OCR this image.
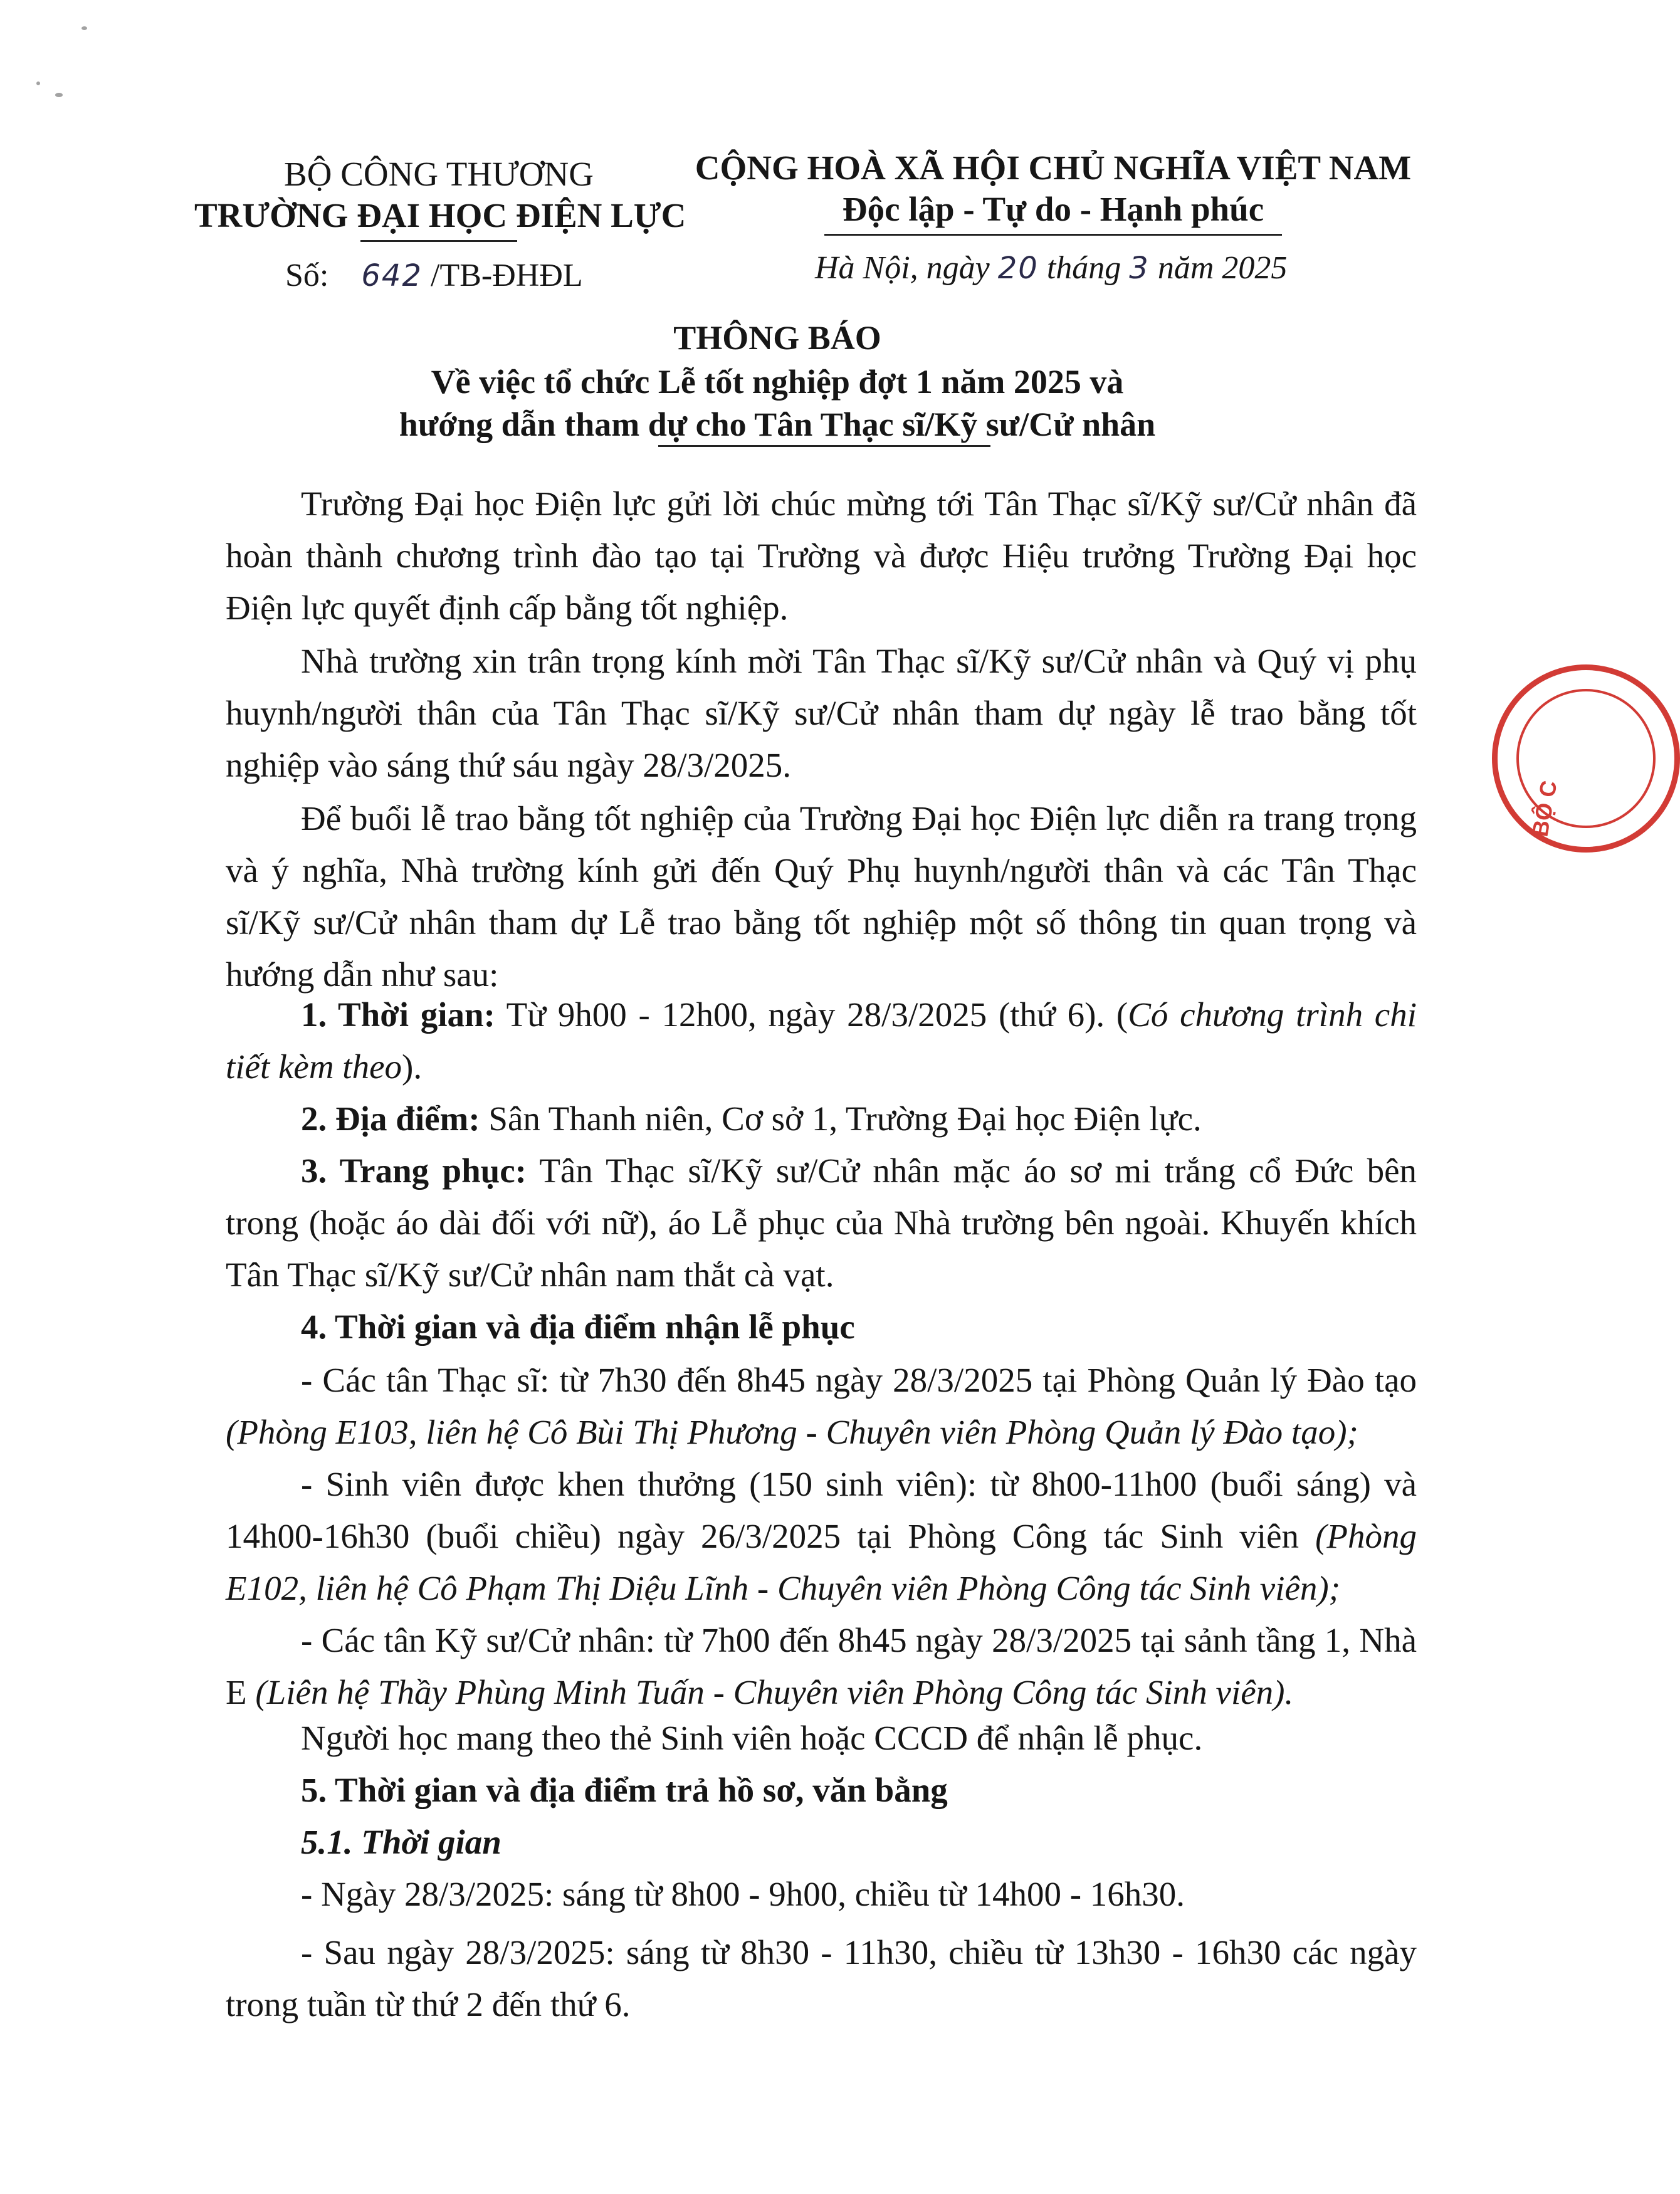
BỘ C
BỘ CÔNG THƯƠNG
TRƯỜNG ĐẠI HỌC ĐIỆN LỰC
CỘNG HOÀ XÃ HỘI CHỦ NGHĨA VIỆT NAM
Độc lập - Tự do - Hạnh phúc
Số: 642 /TB-ĐHĐL	Hà Nội, ngày 20 tháng 3 năm 2025
THÔNG BÁO
Về việc tổ chức Lễ tốt nghiệp đợt 1 năm 2025 và
hướng dẫn tham dự cho Tân Thạc sĩ/Kỹ sư/Cử nhân
Trường Đại học Điện lực gửi lời chúc mừng tới Tân Thạc sĩ/Kỹ sư/Cử nhân đã hoàn thành chương trình đào tạo tại Trường và được Hiệu trưởng Trường Đại học Điện lực quyết định cấp bằng tốt nghiệp.
Nhà trường xin trân trọng kính mời Tân Thạc sĩ/Kỹ sư/Cử nhân và Quý vị phụ huynh/người thân của Tân Thạc sĩ/Kỹ sư/Cử nhân tham dự ngày lễ trao bằng tốt nghiệp vào sáng thứ sáu ngày 28/3/2025.
Để buổi lễ trao bằng tốt nghiệp của Trường Đại học Điện lực diễn ra trang trọng và ý nghĩa, Nhà trường kính gửi đến Quý Phụ huynh/người thân và các Tân Thạc sĩ/Kỹ sư/Cử nhân tham dự Lễ trao bằng tốt nghiệp một số thông tin quan trọng và hướng dẫn như sau:
1. Thời gian: Từ 9h00 - 12h00, ngày 28/3/2025 (thứ 6). (Có chương trình chi tiết kèm theo).
2. Địa điểm: Sân Thanh niên, Cơ sở 1, Trường Đại học Điện lực.
3. Trang phục: Tân Thạc sĩ/Kỹ sư/Cử nhân mặc áo sơ mi trắng cổ Đức bên trong (hoặc áo dài đối với nữ), áo Lễ phục của Nhà trường bên ngoài. Khuyến khích Tân Thạc sĩ/Kỹ sư/Cử nhân nam thắt cà vạt.
4. Thời gian và địa điểm nhận lễ phục
- Các tân Thạc sĩ: từ 7h30 đến 8h45 ngày 28/3/2025 tại Phòng Quản lý Đào tạo (Phòng E103, liên hệ Cô Bùi Thị Phương - Chuyên viên Phòng Quản lý Đào tạo);
- Sinh viên được khen thưởng (150 sinh viên): từ 8h00-11h00 (buổi sáng) và 14h00-16h30 (buổi chiều) ngày 26/3/2025 tại Phòng Công tác Sinh viên (Phòng E102, liên hệ Cô Phạm Thị Diệu Lĩnh - Chuyên viên Phòng Công tác Sinh viên);
- Các tân Kỹ sư/Cử nhân: từ 7h00 đến 8h45 ngày 28/3/2025 tại sảnh tầng 1, Nhà E (Liên hệ Thầy Phùng Minh Tuấn - Chuyên viên Phòng Công tác Sinh viên).
Người học mang theo thẻ Sinh viên hoặc CCCD để nhận lễ phục.
5. Thời gian và địa điểm trả hồ sơ, văn bằng
5.1. Thời gian
- Ngày 28/3/2025: sáng từ 8h00 - 9h00, chiều từ 14h00 - 16h30.
- Sau ngày 28/3/2025: sáng từ 8h30 - 11h30, chiều từ 13h30 - 16h30 các ngày trong tuần từ thứ 2 đến thứ 6.
